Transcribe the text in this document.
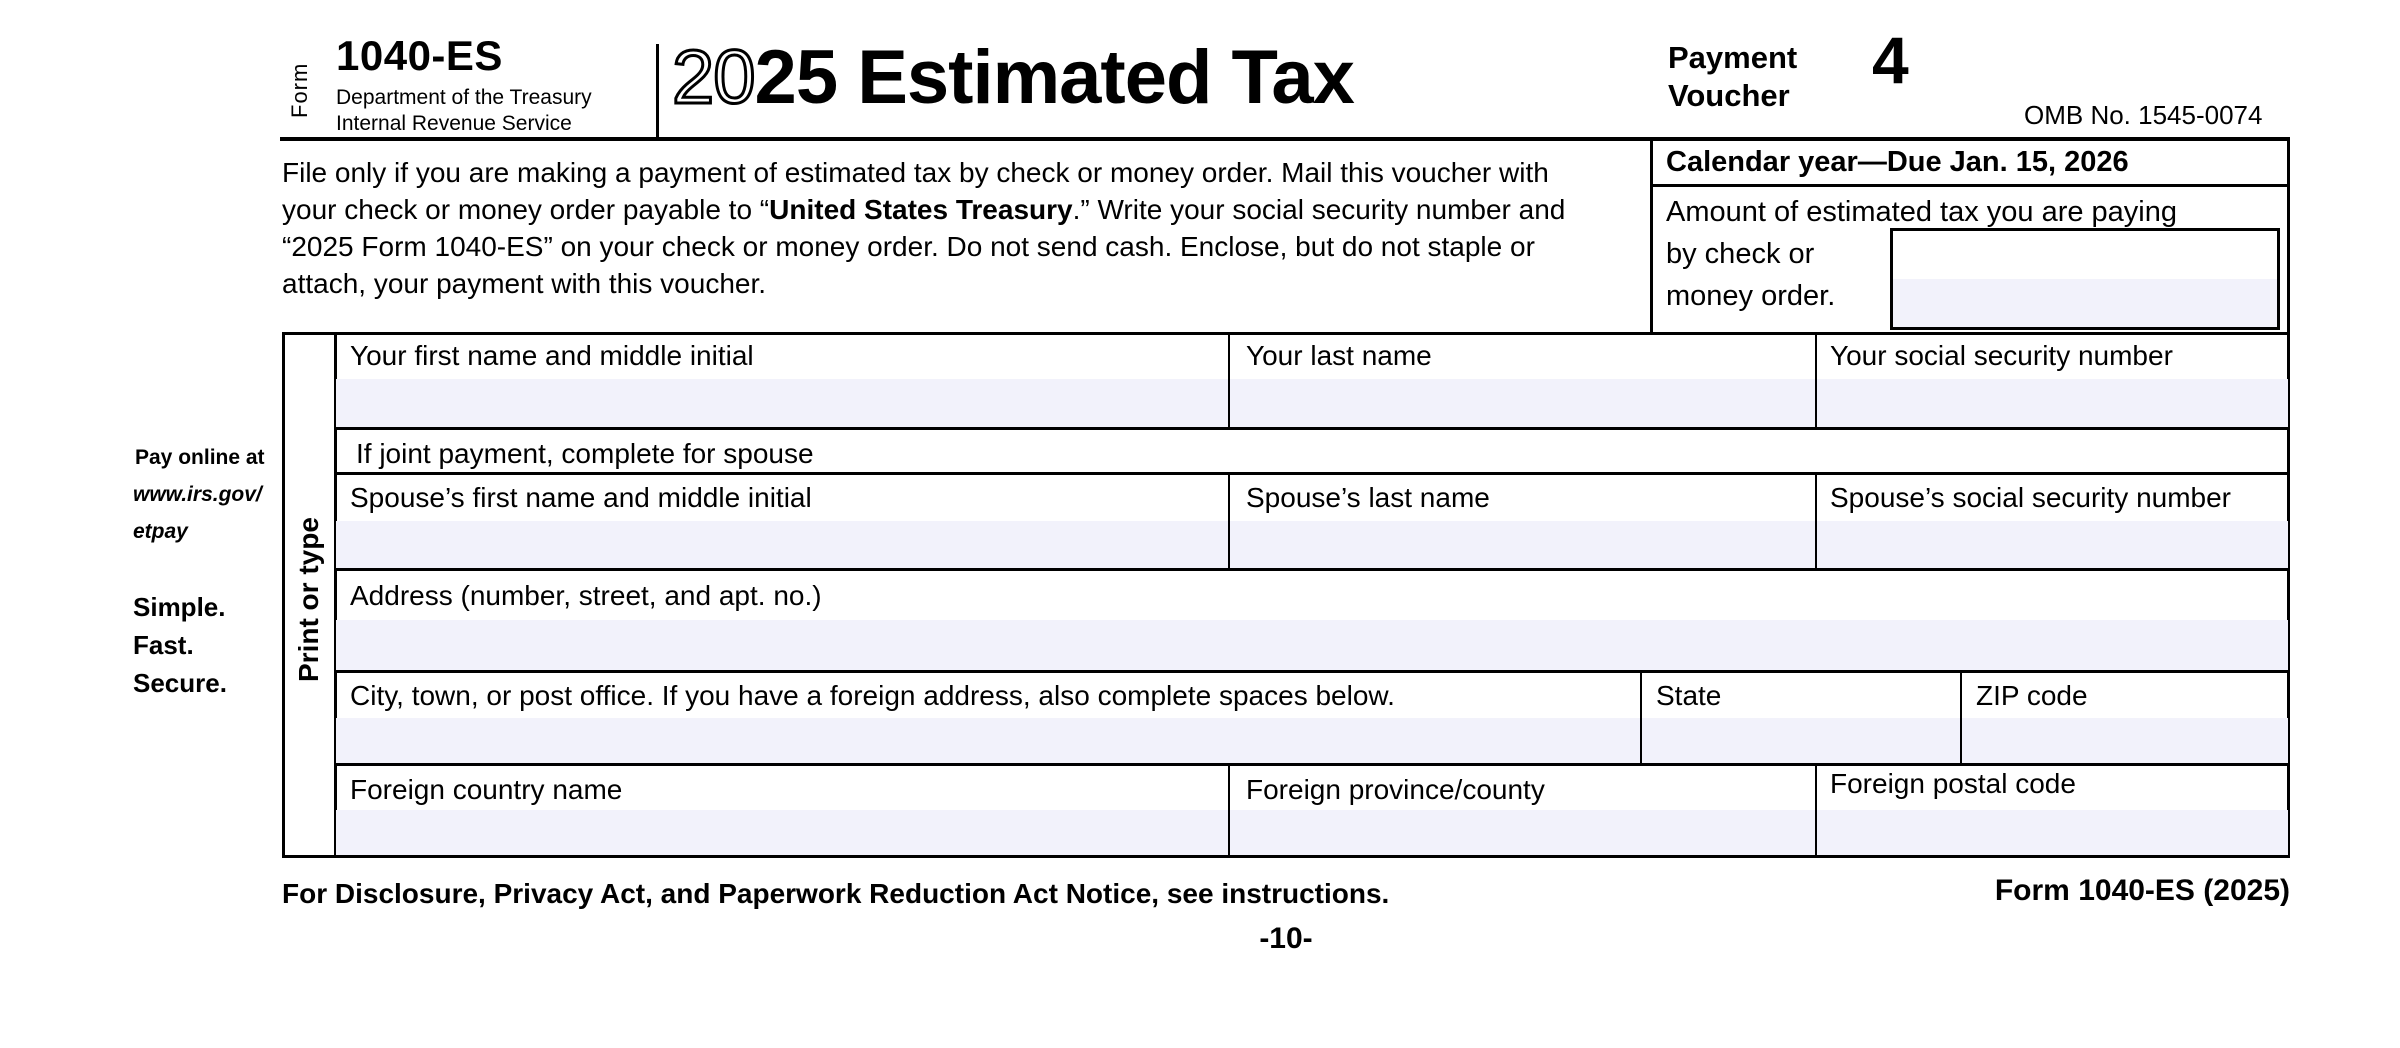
Form
1040-ES
Department of the Treasury
Internal Revenue Service
2025 Estimated Tax	Payment
Voucher 4
OMB No. 1545-0074
File only if you are making a payment of estimated tax by check or money order. Mail this voucher with your check or money order payable to “United States Treasury.” Write your social security number and “2025 Form 1040-ES” on your check or money order. Do not send cash. Enclose, but do not staple or attach, your payment with this voucher.
Calendar year—Due Jan. 15, 2026
Amount of estimated tax you are paying
by check or
money order.
Pay online at
www.irs.gov/
etpay
Simple.
Fast.
Secure.
Print or type
Your first name and middle initial	Your last name	Your social security number
If joint payment, complete for spouse
Spouse’s first name and middle initial	Spouse’s last name	Spouse’s social security number
Address (number, street, and apt. no.)
City, town, or post office. If you have a foreign address, also complete spaces below.	State	ZIP code
Foreign country name	Foreign province/county	Foreign postal code
For Disclosure, Privacy Act, and Paperwork Reduction Act Notice, see instructions.	Form 1040-ES (2025)
-10-
